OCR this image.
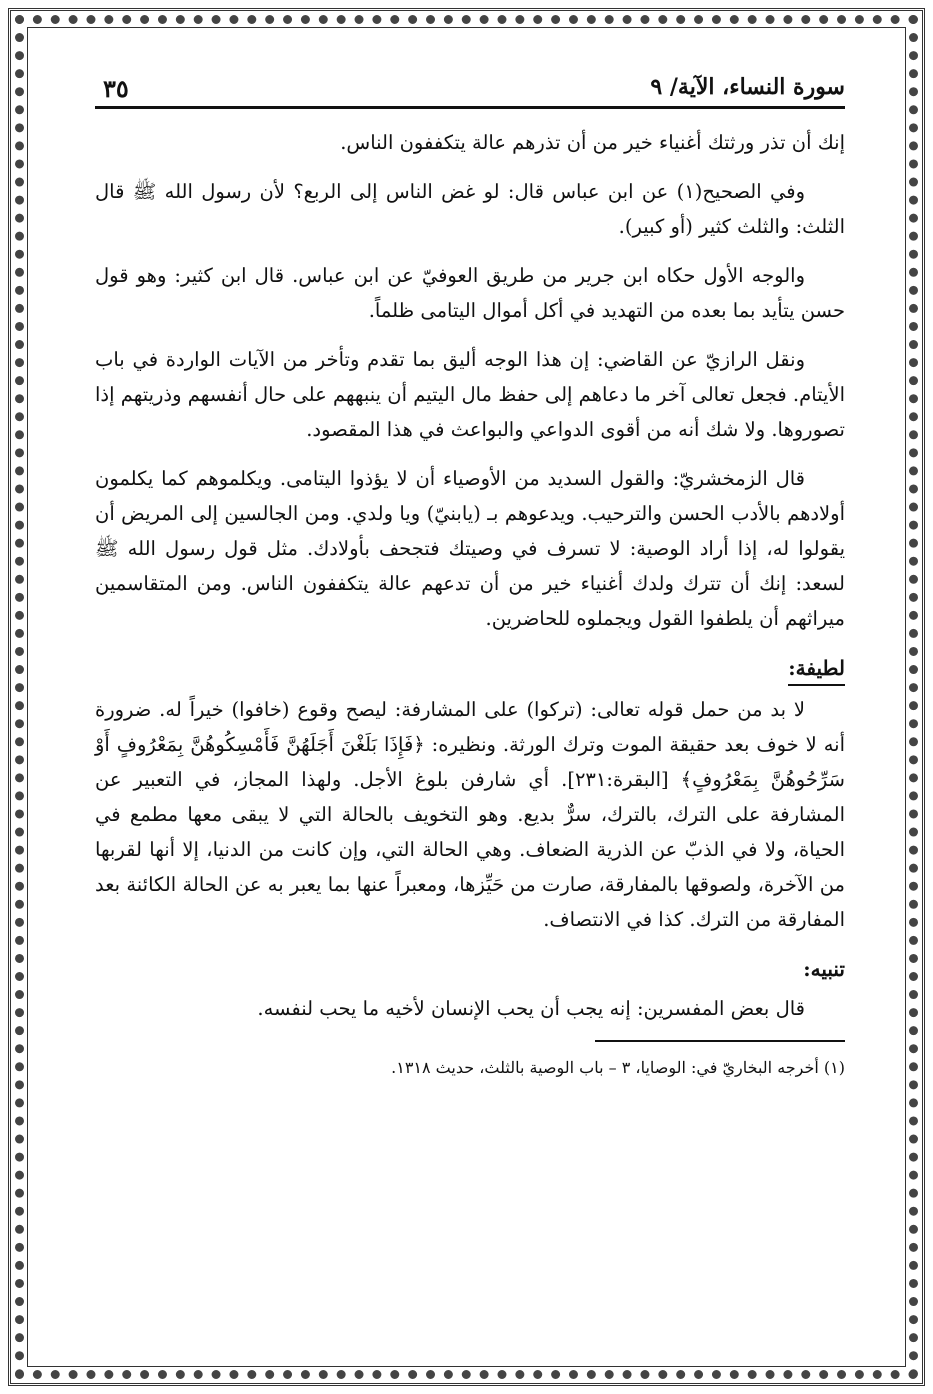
سورة النساء، الآية/ ٩
٣٥

إنك أن تذر ورثتك أغنياء خير من أن تذرهم عالة يتكففون الناس.

وفي الصحيح(١) عن ابن عباس قال: لو غض الناس إلى الربع؟ لأن رسول الله ﷺ قال الثلث: والثلث كثير (أو كبير).

والوجه الأول حكاه ابن جرير من طريق العوفيّ عن ابن عباس. قال ابن كثير: وهو قول حسن يتأيد بما بعده من التهديد في أكل أموال اليتامى ظلماً.

ونقل الرازيّ عن القاضي: إن هذا الوجه أليق بما تقدم وتأخر من الآيات الواردة في باب الأيتام. فجعل تعالى آخر ما دعاهم إلى حفظ مال اليتيم أن ينبههم على حال أنفسهم وذريتهم إذا تصوروها. ولا شك أنه من أقوى الدواعي والبواعث في هذا المقصود.

قال الزمخشريّ: والقول السديد من الأوصياء أن لا يؤذوا اليتامى. ويكلموهم كما يكلمون أولادهم بالأدب الحسن والترحيب. ويدعوهم بـ (يابنيّ) ويا ولدي. ومن الجالسين إلى المريض أن يقولوا له، إذا أراد الوصية: لا تسرف في وصيتك فتجحف بأولادك. مثل قول رسول الله ﷺ لسعد: إنك أن تترك ولدك أغنياء خير من أن تدعهم عالة يتكففون الناس. ومن المتقاسمين ميراثهم أن يلطفوا القول ويجملوه للحاضرين.

لطيفة:

لا بد من حمل قوله تعالى: (تركوا) على المشارفة: ليصح وقوع (خافوا) خيراً له. ضرورة أنه لا خوف بعد حقيقة الموت وترك الورثة. ونظيره: ﴿فَإِذَا بَلَغْنَ أَجَلَهُنَّ فَأَمْسِكُوهُنَّ بِمَعْرُوفٍ أَوْ سَرِّحُوهُنَّ بِمَعْرُوفٍ﴾ [البقرة:٢٣١]. أي شارفن بلوغ الأجل. ولهذا المجاز، في التعبير عن المشارفة على الترك، بالترك، سرٌّ بديع. وهو التخويف بالحالة التي لا يبقى معها مطمع في الحياة، ولا في الذبّ عن الذرية الضعاف. وهي الحالة التي، وإن كانت من الدنيا، إلا أنها لقربها من الآخرة، ولصوقها بالمفارقة، صارت من حَيِّزها، ومعبراً عنها بما يعبر به عن الحالة الكائنة بعد المفارقة من الترك. كذا في الانتصاف.

تنبيه:

قال بعض المفسرين: إنه يجب أن يحب الإنسان لأخيه ما يحب لنفسه.

(١) أخرجه البخاريّ في: الوصايا، ٣ – باب الوصية بالثلث، حديث ١٣١٨.
